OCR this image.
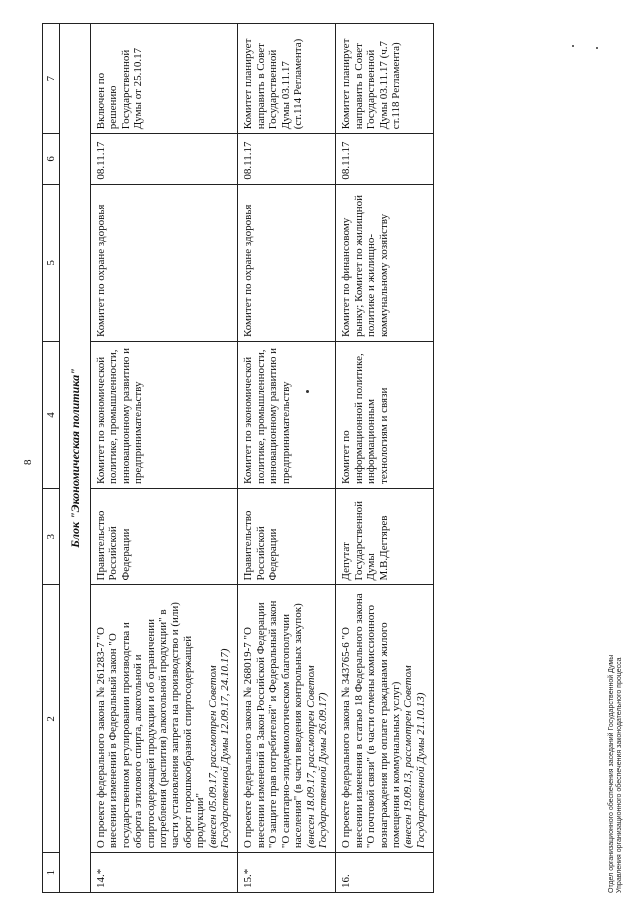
8
1	2	3	4	5	6	7
Блок "Экономическая политика"						
14.*	О проекте федерального закона № 261283-7 "О внесении изменений в Федеральный закон "О государственном регулировании производства и оборота этилового спирта, алкогольной и спиртосодержащей продукции и об ограничении потребления (распития) алкогольной продукции" в части установления запрета на производство и (или) оборот порошкообразной спиртосодержащей продукции"
(внесен 05.09.17, рассмотрен Советом Государственной Думы 12.09.17, 24.10.17)	Правительство Российской Федерации	Комитет по экономической политике, промышленности, инновационному развитию и предпринимательству	Комитет по охране здоровья	08.11.17	Включен по решению Государственной Думы от 25.10.17
15.*	О проекте федерального закона № 268019-7 "О внесении изменений в Закон Российской Федерации "О защите прав потребителей" и Федеральный закон "О санитарно-эпидемиологическом благополучии населения" (в части введения контрольных закупок)
(внесен 18.09.17, рассмотрен Советом Государственной Думы 26.09.17)	Правительство Российской Федерации	Комитет по экономической политике, промышленности, инновационному развитию и предпринимательству	Комитет по охране здоровья	08.11.17	Комитет планирует направить в Совет Государственной Думы 03.11.17 (ст.114 Регламента)
16.	О проекте федерального закона № 343765-6 "О внесении изменения в статью 18 Федерального закона "О почтовой связи" (в части отмены комиссионного вознаграждения при оплате гражданами жилого помещения и коммунальных услуг)
(внесен 19.09.13, рассмотрен Советом Государственной Думы 21.10.13)	Депутат Государственной Думы М.В.Дегтярев	Комитет по информационной политике, информационным технологиям и связи	Комитет по финансовому рынку; Комитет по жилищной политике и жилищно-коммунальному хозяйству	08.11.17	Комитет планирует направить в Совет Государственной Думы 03.11.17 (ч.7 ст.118 Регламента)
Отдел организационного обеспечения заседаний Государственной Думы Управления организационного обеспечения законодательного процесса
